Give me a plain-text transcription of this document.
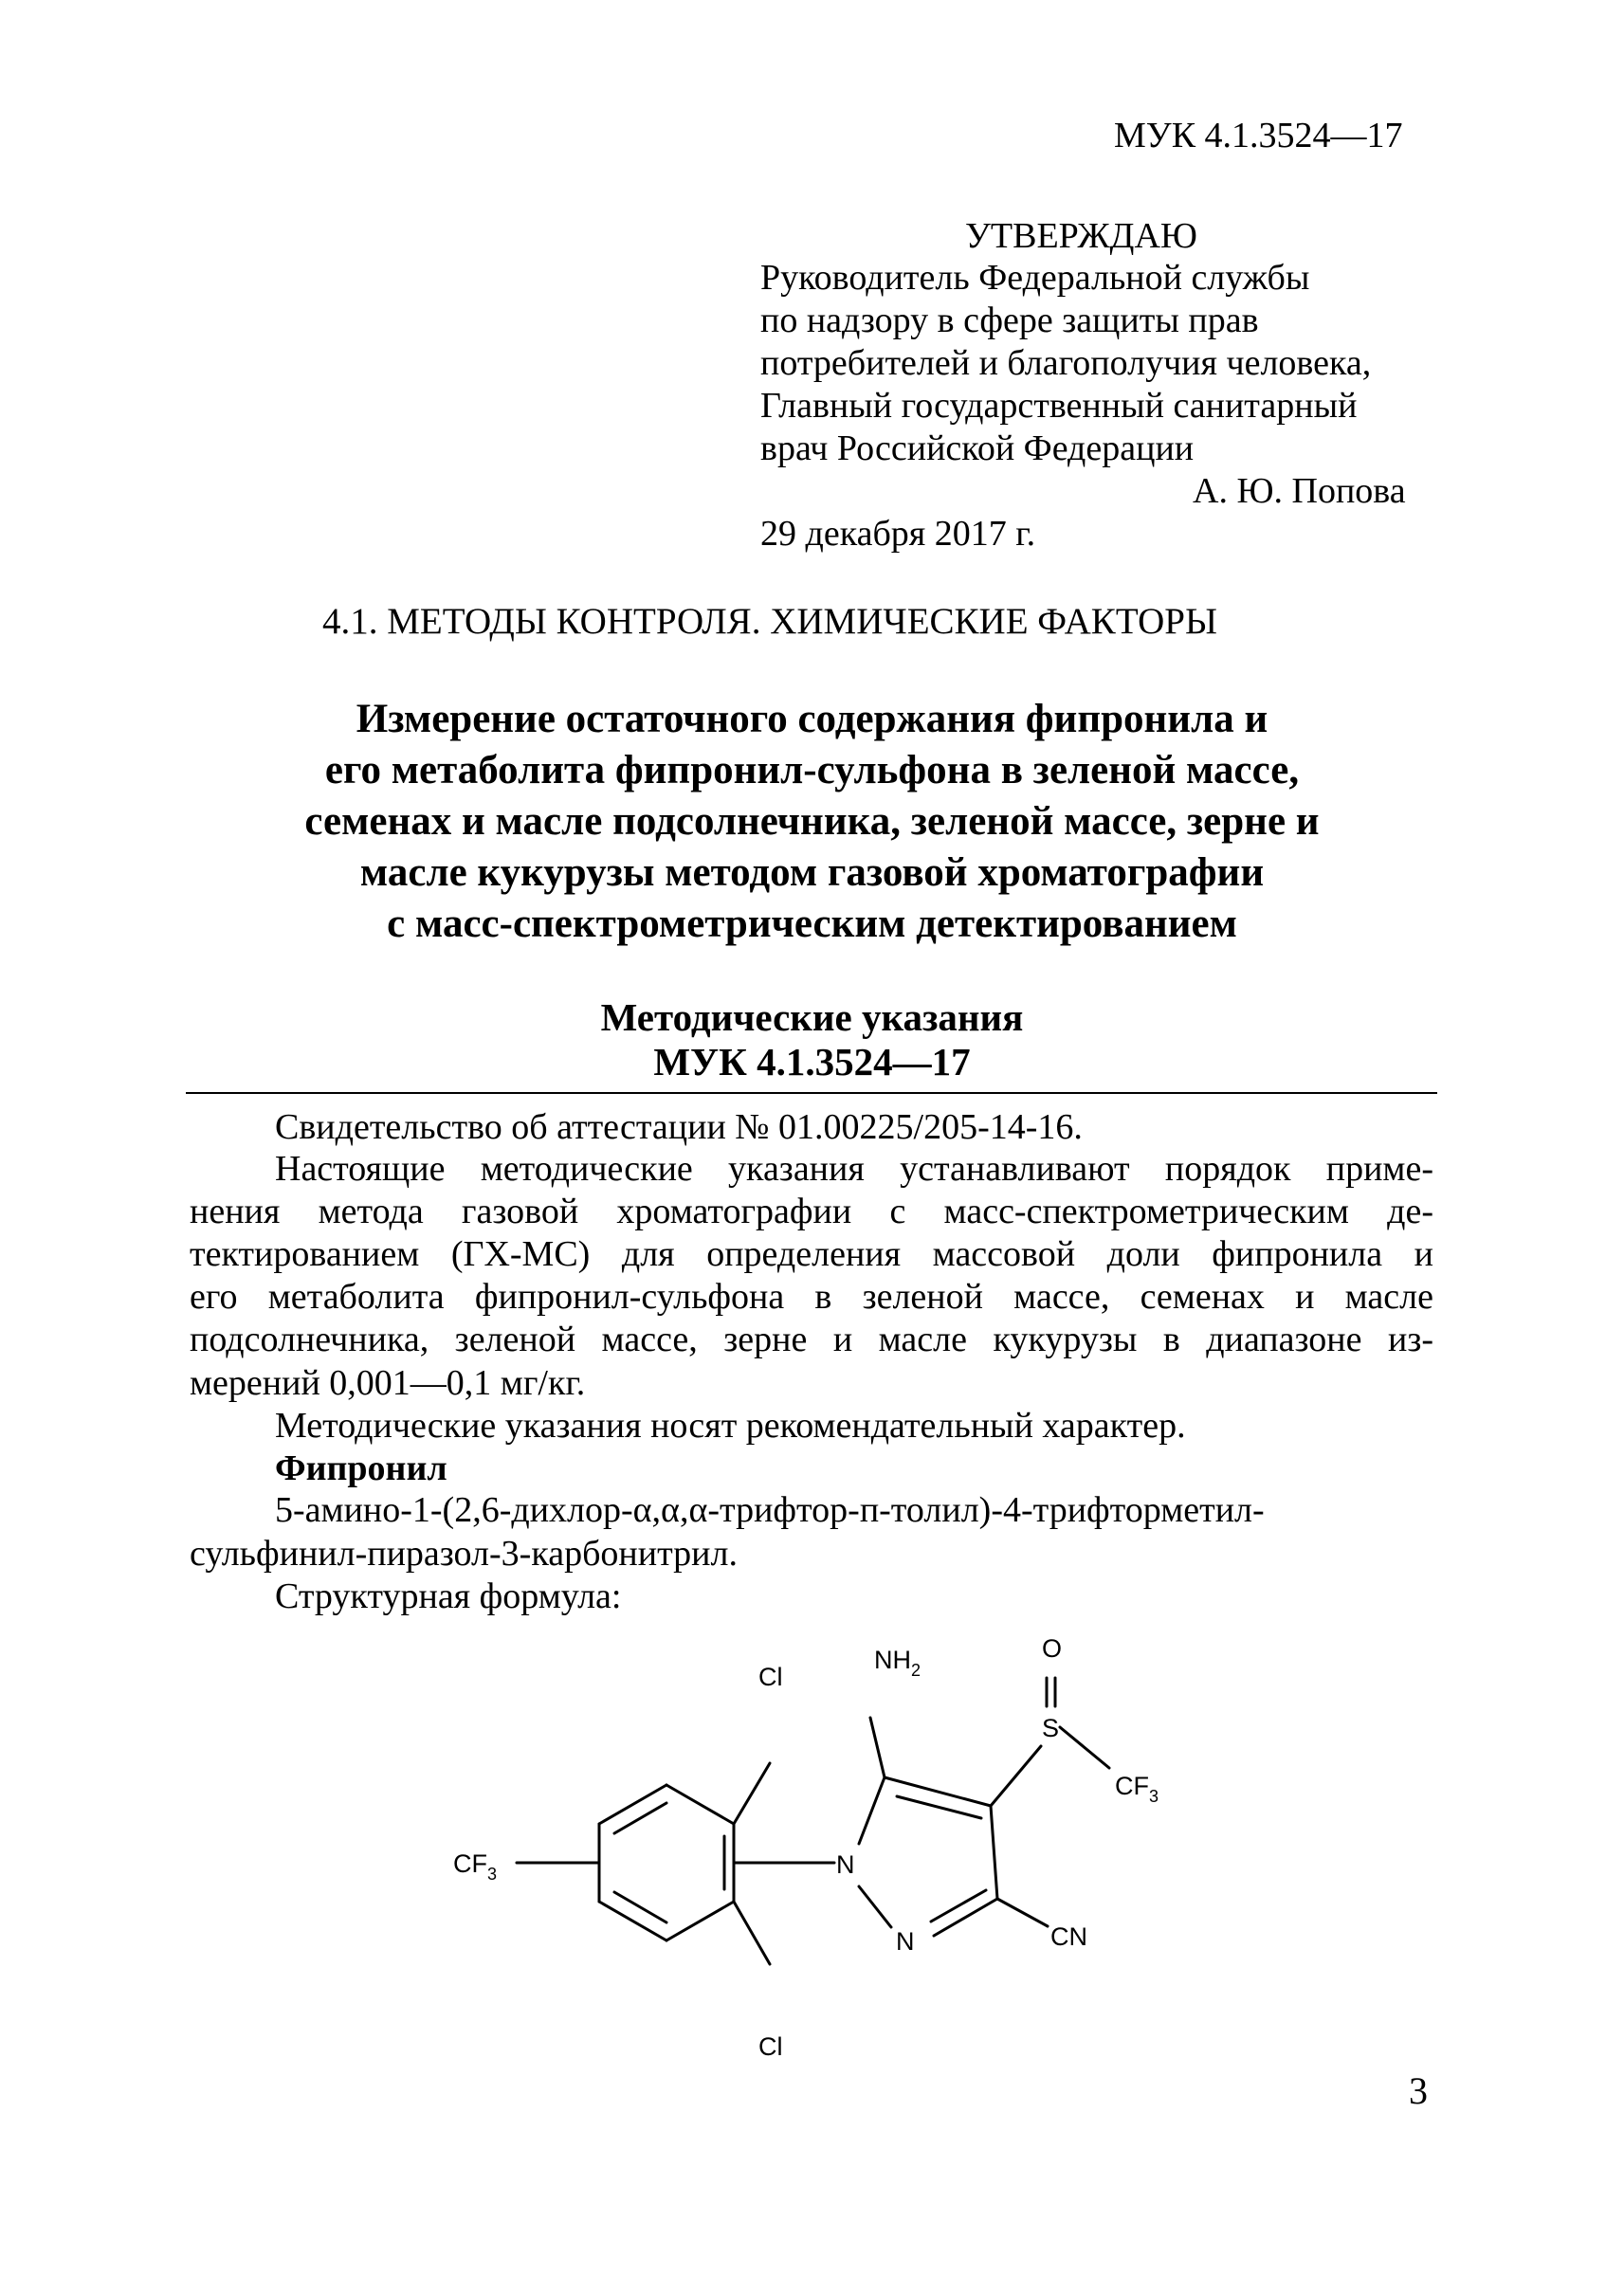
МУК 4.1.3524—17

УТВЕРЖДАЮ

Руководитель Федеральной службы

по надзору в сфере защиты прав

потребителей и благополучия человека,

Главный государственный санитарный

врач Российской Федерации

А. Ю. Попова

29 декабря 2017 г.

4.1. МЕТОДЫ КОНТРОЛЯ. ХИМИЧЕСКИЕ ФАКТОРЫ

Измерение остаточного содержания фипронила и

его метаболита фипронил-сульфона в зеленой массе,

семенах и масле подсолнечника, зеленой массе, зерне и

масле кукурузы методом газовой хроматографии

с масс-спектрометрическим детектированием

Методические указания

МУК 4.1.3524—17

Свидетельство об аттестации № 01.00225/205-14-16.

Настоящие методические указания устанавливают порядок приме-

нения метода газовой хроматографии с масс-спектрометрическим де-

тектированием (ГХ-МС) для определения массовой доли фипронила и

его метаболита фипронил-сульфона в зеленой массе, семенах и масле

подсолнечника, зеленой массе, зерне и масле кукурузы в диапазоне из-

мерений 0,001—0,1 мг/кг.

Методические указания носят рекомендательный характер.

Фипронил

5-амино-1-(2,6-дихлор-α,α,α-трифтор-п-толил)-4-трифторметил-

сульфинил-пиразол-3-карбонитрил.

Структурная формула:

Cl
Cl
$CF_3$
$NH_2$
O
S
$CF_3$
N
N	CN

3
